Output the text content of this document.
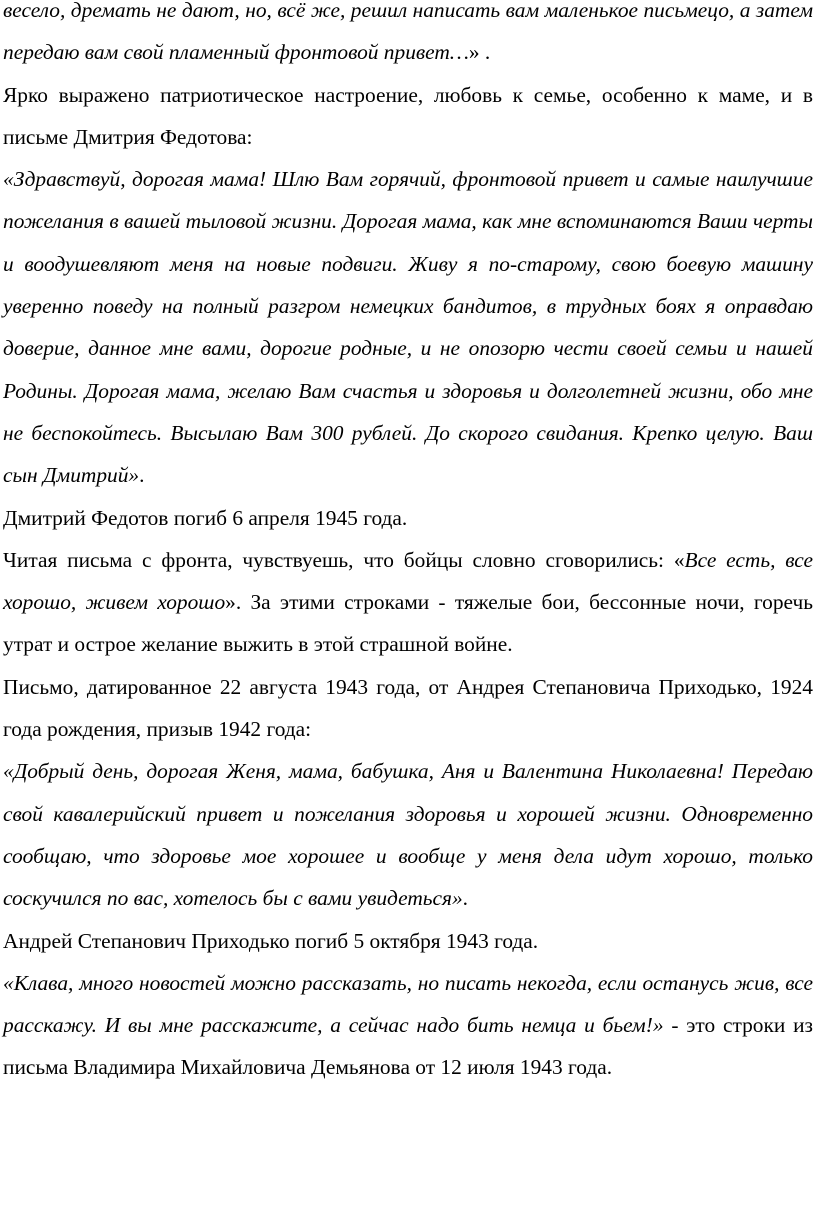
весело, дремать не дают, но, всё же, решил написать вам маленькое письмецо, а затем передаю вам свой пламенный фронтовой привет…» .

Ярко выражено патриотическое настроение, любовь к семье, особенно к маме, и в письме Дмитрия Федотова:

«Здравствуй, дорогая мама! Шлю Вам горячий, фронтовой привет и самые наилучшие пожелания в вашей тыловой жизни. Дорогая мама, как мне вспоминаются Ваши черты и воодушевляют меня на новые подвиги. Живу я по-старому, свою боевую машину уверенно поведу на полный разгром немецких бандитов, в трудных боях я оправдаю доверие, данное мне вами, дорогие родные, и не опозорю чести своей семьи и нашей Родины. Дорогая мама, желаю Вам счастья и здоровья и долголетней жизни, обо мне не беспокойтесь. Высылаю Вам 300 рублей. До скорого свидания. Крепко целую. Ваш сын Дмитрий».

Дмитрий Федотов погиб 6 апреля 1945 года.

Читая письма с фронта, чувствуешь, что бойцы словно сговорились: «Все есть, все хорошо, живем хорошо». За этими строками - тяжелые бои, бессонные ночи, горечь утрат и острое желание выжить в этой страшной войне.

Письмо, датированное 22 августа 1943 года, от Андрея Степановича Приходько, 1924 года рождения, призыв 1942 года:

«Добрый день, дорогая Женя, мама, бабушка, Аня и Валентина Николаевна! Передаю свой кавалерийский привет и пожелания здоровья и хорошей жизни. Одновременно сообщаю, что здоровье мое хорошее и вообще у меня дела идут хорошо, только соскучился по вас, хотелось бы с вами увидеться».

Андрей Степанович Приходько погиб 5 октября 1943 года.

«Клава, много новостей можно рассказать, но писать некогда, если останусь жив, все расскажу. И вы мне расскажите, а сейчас надо бить немца и бьем!» - это строки из письма Владимира Михайловича Демьянова от 12 июля 1943 года.
